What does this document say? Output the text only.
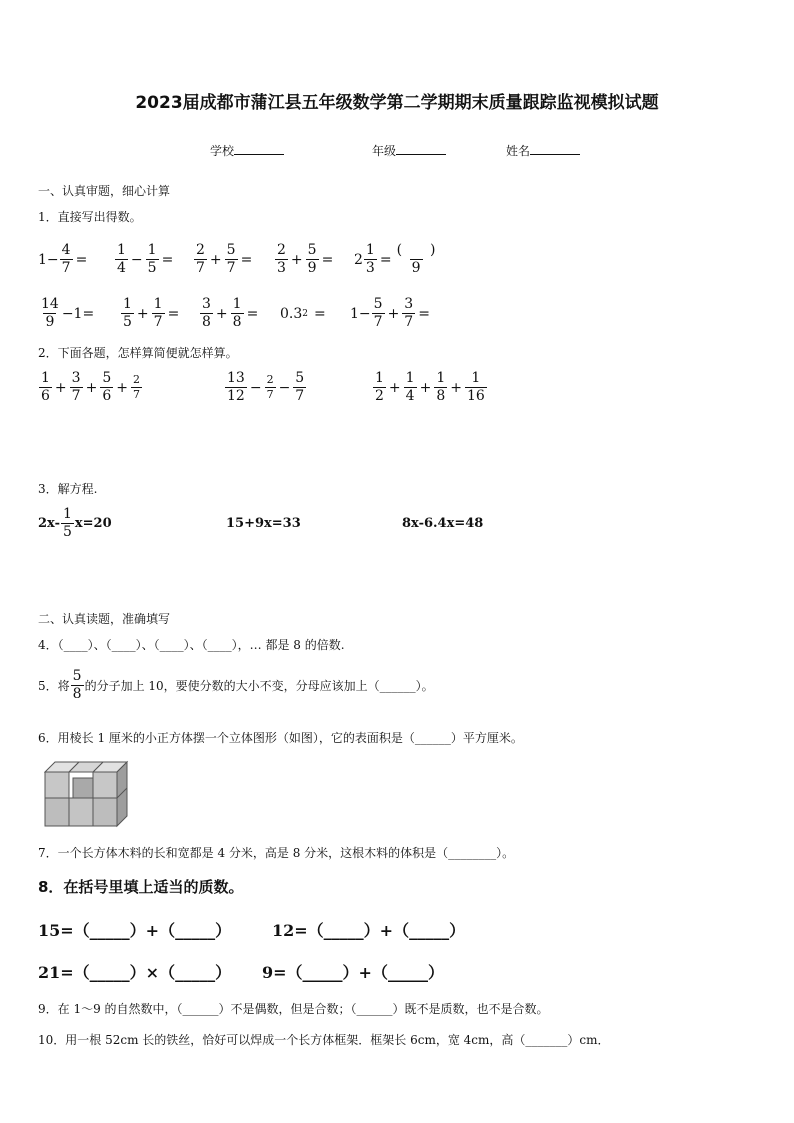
2023届成都市蒲江县五年级数学第二学期期末质量跟踪监视模拟试题
学校	年级	姓名
一、认真审题，细心计算
1．直接写出得数。
$1- \frac{4}{7} = \frac{1}{4} - \frac{1}{5} = \frac{2}{7} + \frac{5}{7} = \frac{2}{3} + \frac{5}{9} = 2 \frac{1}{3} = \frac{( )}{9}$
$\frac{14}{9} -1= \frac{1}{5} + \frac{1}{7} = \frac{3}{8} + \frac{1}{8} = 0.3$ $2 = 1- \frac{5}{7} + \frac{3}{7}$ =
2．下面各题，怎样算简便就怎样算。
$\frac{1}{6} + \frac{3}{7} + \frac{5}{6} + \frac{2}{7}$	$\frac{13}{12} - \frac{2}{7} - \frac{5}{7}$	$\frac{1}{2} + \frac{1}{4} + \frac{1}{8} + \frac{1}{16}$
3．解方程.
$2x- \frac{1}{5} x=20$	15+9x=33	8x-6.4x=48
二、认真读题，准确填写
4．（____）、（____）、（____）、（____），… 都是 8 的倍数.
5．将 $\frac{5}{8}$ 的分子加上 10，要使分数的大小不变，分母应该加上（______）。
6．用棱长 1 厘米的小正方体摆一个立体图形（如图），它的表面积是（______）平方厘米。
7．一个长方体木料的长和宽都是 4 分米，高是 8 分米，这根木料的体积是（________）。
8．在括号里填上适当的质数。
15=（_____）+（_____）	12=（_____）+（_____）
21=（_____）×（_____） 9=（_____）+（_____）
9．在 1～9 的自然数中，（______）不是偶数，但是合数；（______）既不是质数，也不是合数。
10．用一根 52cm 长的铁丝，恰好可以焊成一个长方体框架．框架长 6cm，宽 4cm，高（_______）cm．
